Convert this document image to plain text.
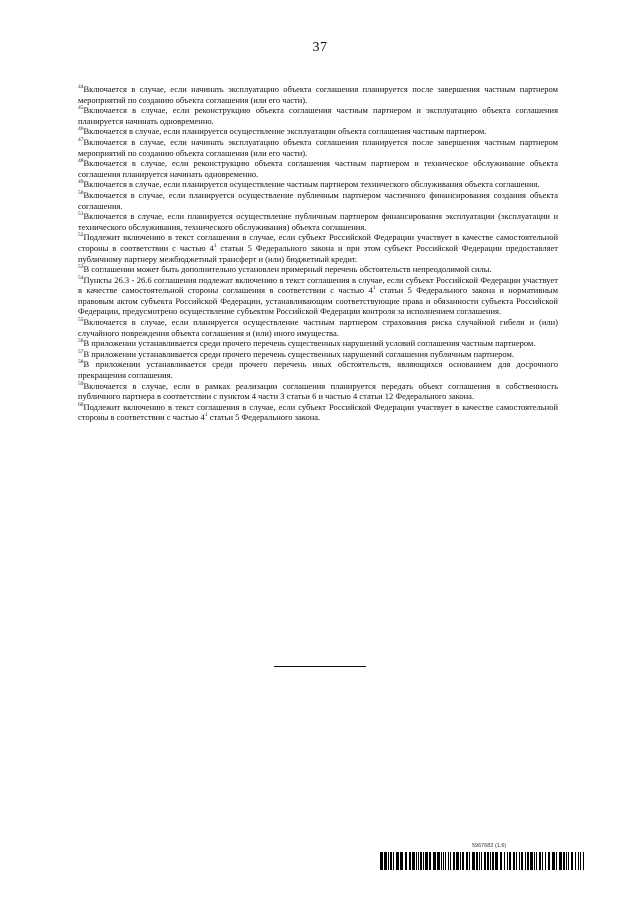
37

$^{44}$Включается в случае, если начинать эксплуатацию объекта соглашения планируется после завершения частным партнером мероприятий по созданию объекта соглашения (или его части).

$^{45}$Включается в случае, если реконструкцию объекта соглашения частным партнером и эксплуатацию объекта соглашения планируется начинать одновременно.

$^{46}$Включается в случае, если планируется осуществление эксплуатации объекта соглашения частным партнером.

$^{47}$Включается в случае, если начинать эксплуатацию объекта соглашения планируется после завершения частным партнером мероприятий по созданию объекта соглашения (или его части).

$^{48}$Включается в случае, если реконструкцию объекта соглашения частным партнером и техническое обслуживание объекта соглашения планируется начинать одновременно.

$^{49}$Включается в случае, если планируется осуществление частным партнером технического обслуживания объекта соглашения.

$^{50}$Включается в случае, если планируется осуществление публичным партнером частичного финансирования создания объекта соглашения.

$^{51}$Включается в случае, если планируется осуществление публичным партнером финансирования эксплуатации (эксплуатации и технического обслуживания, технического обслуживания) объекта соглашения.

$^{52}$Подлежит включению в текст соглашения в случае, если субъект Российской Федерации участвует в качестве самостоятельной стороны в соответствии с частью $4^1$ статьи 5 Федерального закона и при этом субъект Российской Федерации предоставляет публичному партнеру межбюджетный трансферт и (или) бюджетный кредит.

$^{53}$В соглашении может быть дополнительно установлен примерный перечень обстоятельств непреодолимой силы.

$^{54}$Пункты 26.3 - 26.6 соглашения подлежат включению в текст соглашения в случае, если субъект Российской Федерации участвует в качестве самостоятельной стороны соглашения в соответствии с частью $4^1$ статьи 5 Федерального закона и нормативным правовым актом субъекта Российской Федерации, устанавливающим соответствующие права и обязанности субъекта Российской Федерации, предусмотрено осуществление субъектом Российской Федерации контроля за исполнением соглашения.

$^{55}$Включается в случае, если планируется осуществление частным партнером страхования риска случайной гибели и (или) случайного повреждения объекта соглашения и (или) иного имущества.

$^{56}$В приложении устанавливается среди прочего перечень существенных нарушений условий соглашения частным партнером.

$^{57}$В приложении устанавливается среди прочего перечень существенных нарушений соглашения публичным партнером.

$^{58}$В приложении устанавливается среди прочего перечень иных обстоятельств, являющихся основанием для досрочного прекращения соглашения.

$^{59}$Включается в случае, если в рамках реализации соглашения планируется передать объект соглашения в собственность публичного партнера в соответствии с пунктом 4 части 3 статьи 6 и частью 4 статьи 12 Федерального закона.

$^{60}$Подлежит включению в текст соглашения в случае, если субъект Российской Федерации участвует в качестве самостоятельной стороны в соответствии с частью $4^1$ статьи 5 Федерального закона.

5967682 (1.6)
